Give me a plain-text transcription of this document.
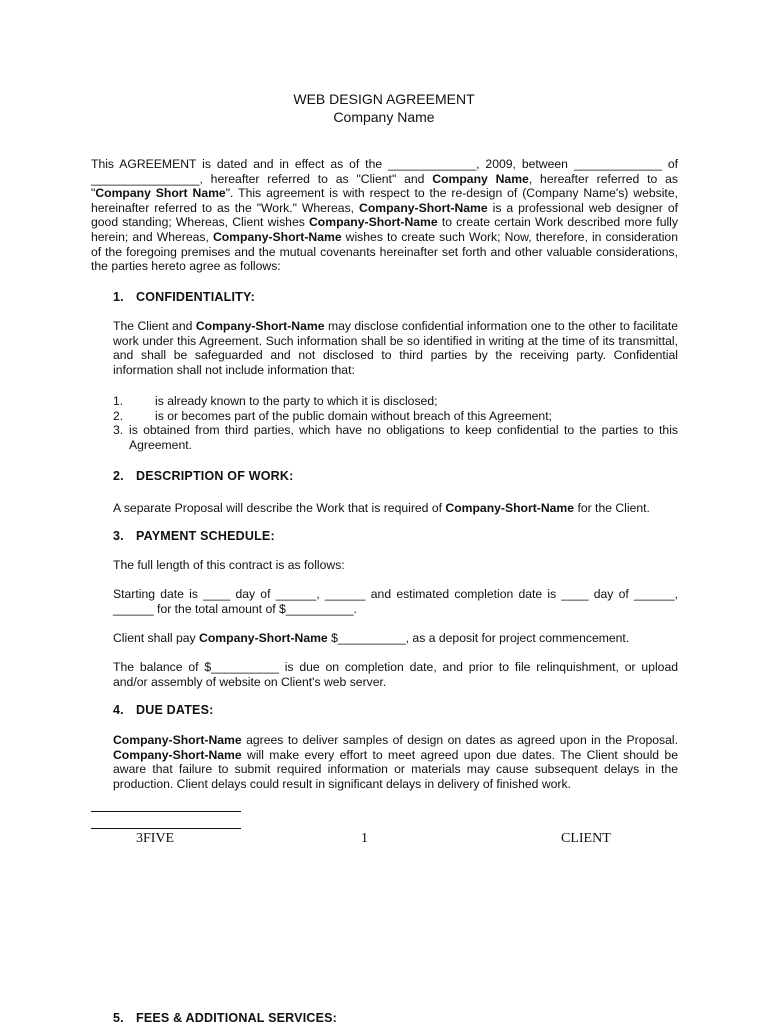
WEB DESIGN AGREEMENT
Company Name

This AGREEMENT is dated and in effect as of the _____________, 2009, between _____________ of ________________, hereafter referred to as "Client" and Company Name, hereafter referred to as "Company Short Name". This agreement is with respect to the re-design of (Company Name's) website, hereinafter referred to as the "Work." Whereas, Company-Short-Name is a professional web designer of good standing; Whereas, Client wishes Company-Short-Name to create certain Work described more fully herein; and Whereas, Company-Short-Name wishes to create such Work; Now, therefore, in consideration of the foregoing premises and the mutual covenants hereinafter set forth and other valuable considerations, the parties hereto agree as follows:

1. CONFIDENTIALITY:

The Client and Company-Short-Name may disclose confidential information one to the other to facilitate work under this Agreement. Such information shall be so identified in writing at the time of its transmittal, and shall be safeguarded and not disclosed to third parties by the receiving party. Confidential information shall not include information that:

1.	is already known to the party to which it is disclosed;
2.	is or becomes part of the public domain without breach of this Agreement;
3. is obtained from third parties, which have no obligations to keep confidential to the parties to this Agreement.
2. DESCRIPTION OF WORK:

A separate Proposal will describe the Work that is required of Company-Short-Name for the Client.

3. PAYMENT SCHEDULE:

The full length of this contract is as follows:

Starting date is ____ day of ______, ______ and estimated completion date is ____ day of ______, ______ for the total amount of $__________.

Client shall pay Company-Short-Name $__________, as a deposit for project commencement.

The balance of $__________ is due on completion date, and prior to file relinquishment, or upload and/or assembly of website on Client's web server.

4. DUE DATES:

Company-Short-Name agrees to deliver samples of design on dates as agreed upon in the Proposal. Company-Short-Name will make every effort to meet agreed upon due dates. The Client should be aware that failure to submit required information or materials may cause subsequent delays in the production. Client delays could result in significant delays in delivery of finished work.

3FIVE	1	CLIENT
5. FEES & ADDITIONAL SERVICES:
